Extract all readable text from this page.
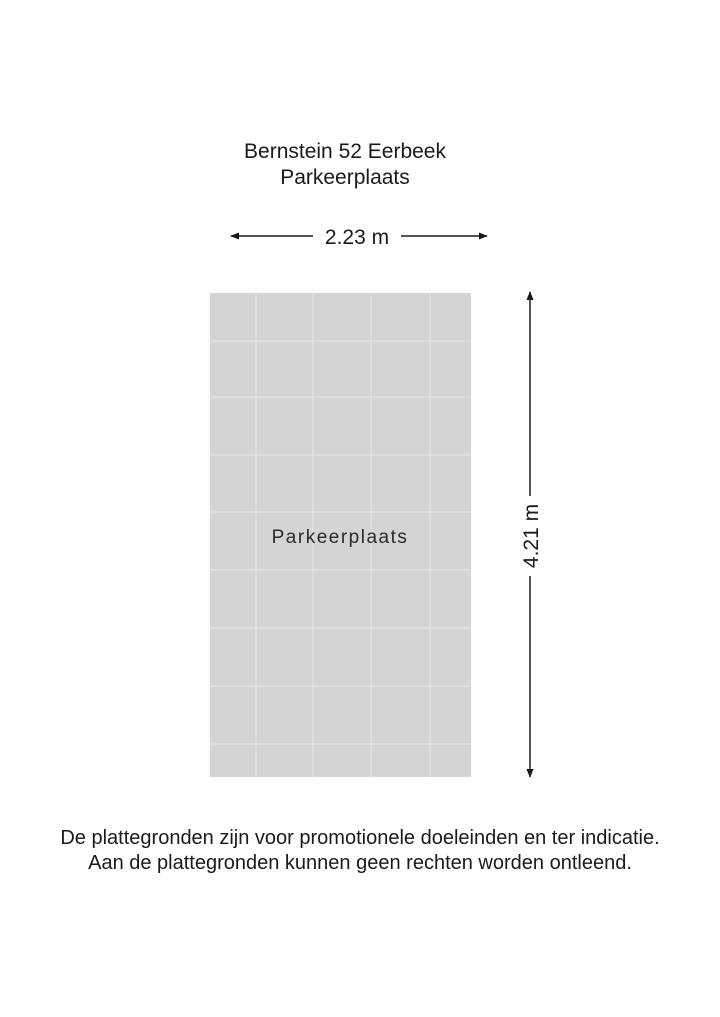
Bernstein 52 Eerbeek
Parkeerplaats
2.23 m
Parkeerplaats	4.21 m
De plattegronden zijn voor promotionele doeleinden en ter indicatie.
Aan de plattegronden kunnen geen rechten worden ontleend.
